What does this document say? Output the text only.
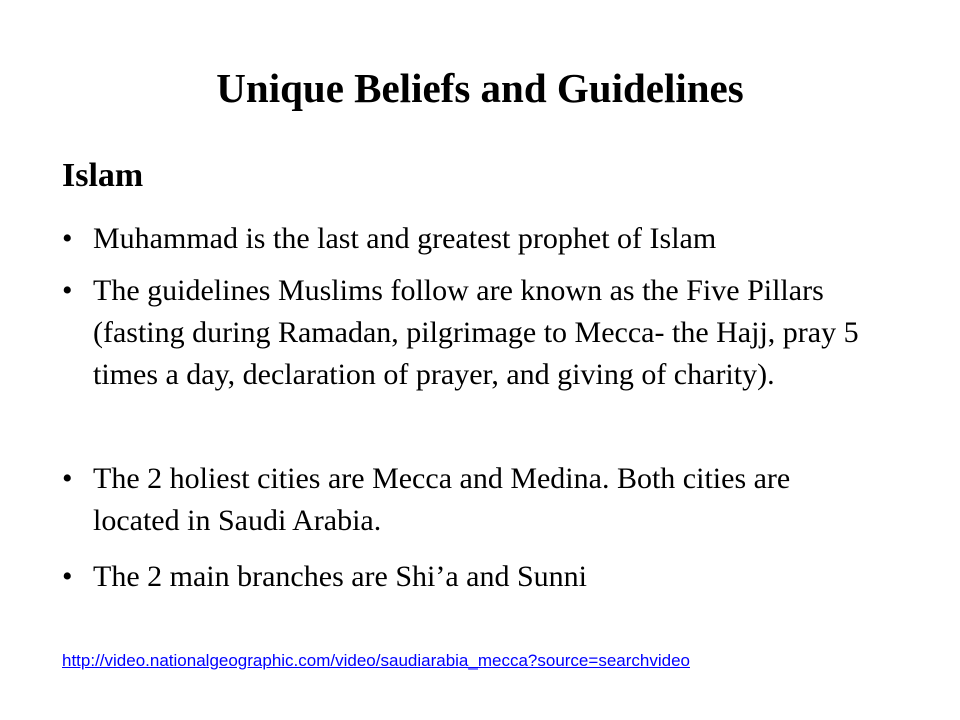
Unique Beliefs and Guidelines
Islam
• Muhammad is the last and greatest prophet of Islam
• The guidelines Muslims follow are known as the Five Pillars (fasting during Ramadan, pilgrimage to Mecca- the Hajj, pray 5 times a day, declaration of prayer, and giving of charity).
• The 2 holiest cities are Mecca and Medina. Both cities are located in Saudi Arabia.
• The 2 main branches are Shi’a and Sunni
http://video.nationalgeographic.com/video/saudiarabia_mecca?source=searchvideo
